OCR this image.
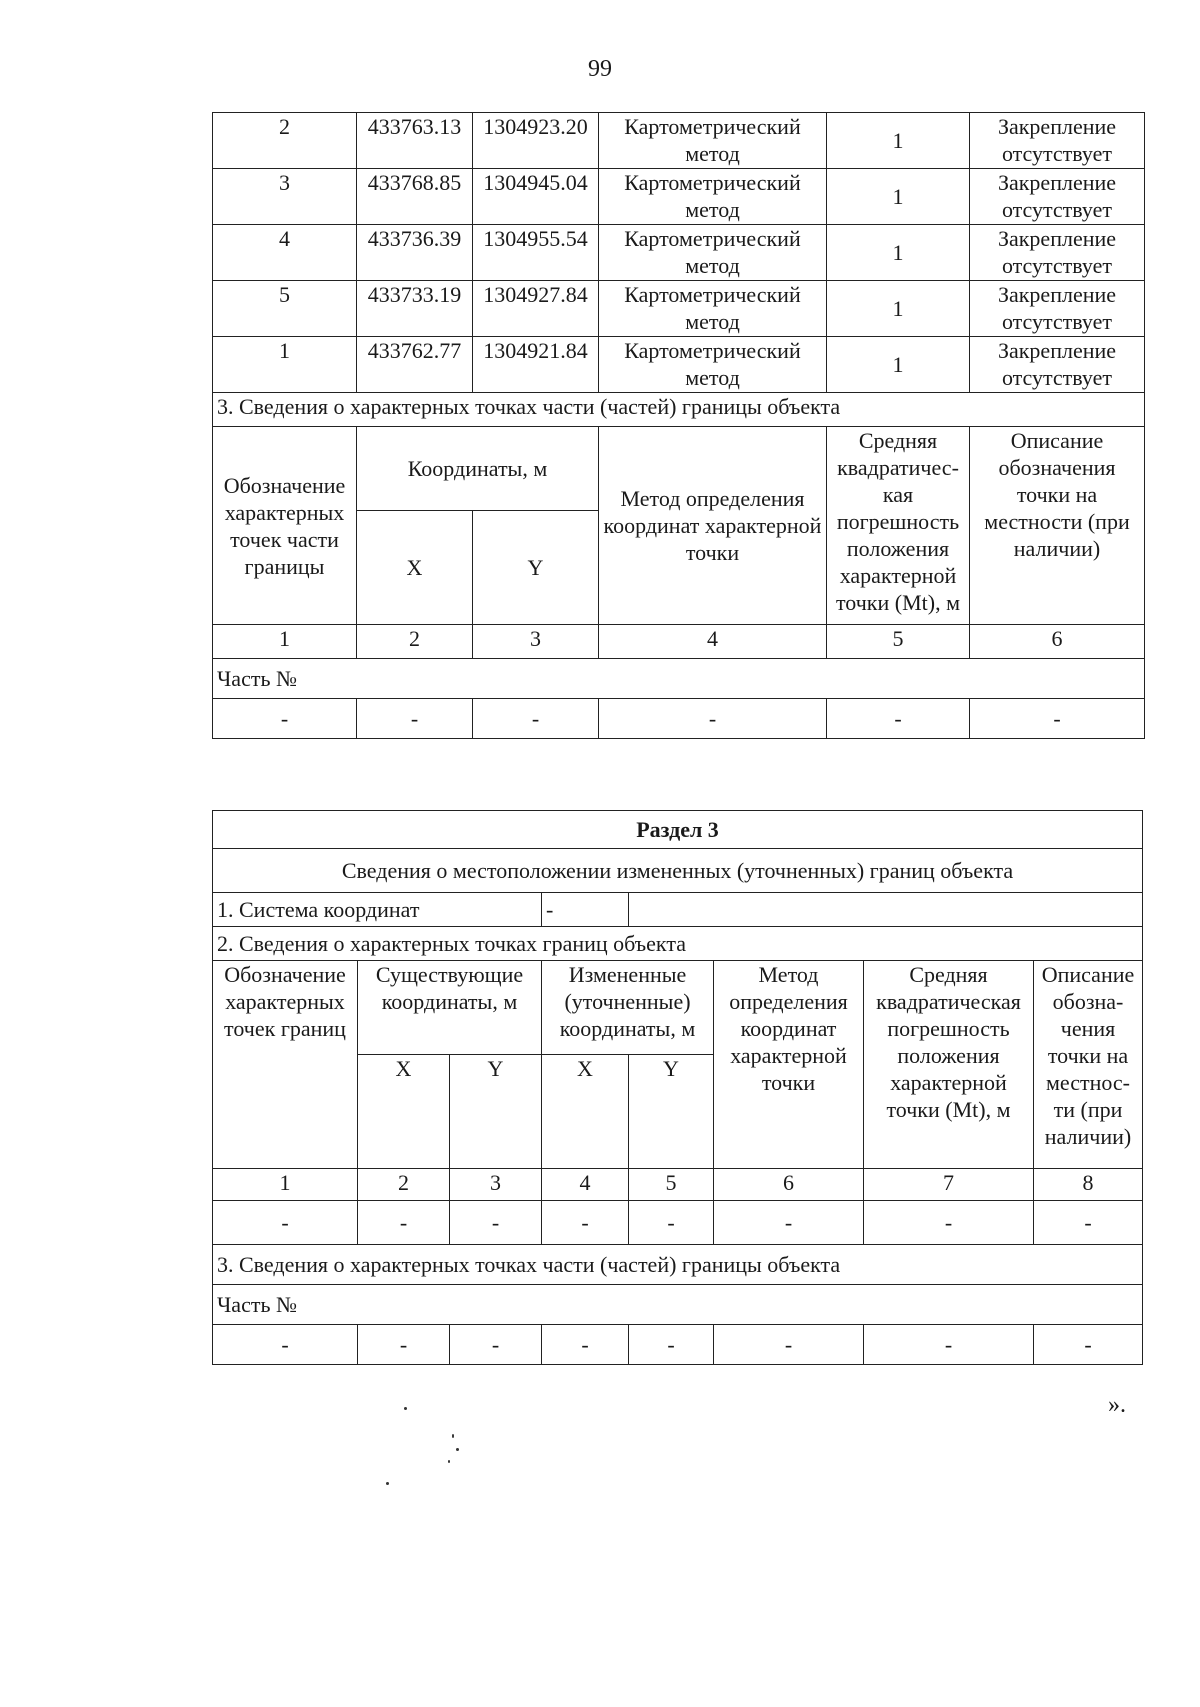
99
2	433763.13	1304923.20	Картометрический метод	1	Закрепление отсутствует
3	433768.85	1304945.04	Картометрический метод	1	Закрепление отсутствует
4	433736.39	1304955.54	Картометрический метод	1	Закрепление отсутствует
5	433733.19	1304927.84	Картометрический метод	1	Закрепление отсутствует
1	433762.77	1304921.84	Картометрический метод	1	Закрепление отсутствует
3. Сведения о характерных точках части (частей) границы объекта					
Обозначение характерных точек части границы	Координаты, м		Метод определения координат характерной точки	Средняя квадратичес-кая погрешность положения характерной точки (Mt), м	Описание обозначения точки на местности (при наличии)
	X	Y			
1	2	3	4	5	6
Часть №					
-	-	-	-	-	-
Раздел 3							
Сведения о местоположении измененных (уточненных) границ объекта							
1. Система координат			-				
2. Сведения о характерных точках границ объекта							
Обозначение характерных точек границ	Существующие координаты, м		Измененные (уточненные) координаты, м		Метод определения координат характерной точки	Средняя квадратическая погрешность положения характерной точки (Mt), м	Описание обозна-чения точки на местнос-ти (при наличии)
	X	Y	X	Y			
1	2	3	4	5	6	7	8
-	-	-	-	-	-	-	-
3. Сведения о характерных точках части (частей) границы объекта							
Часть №							
-	-	-	-	-	-	-	-
».
